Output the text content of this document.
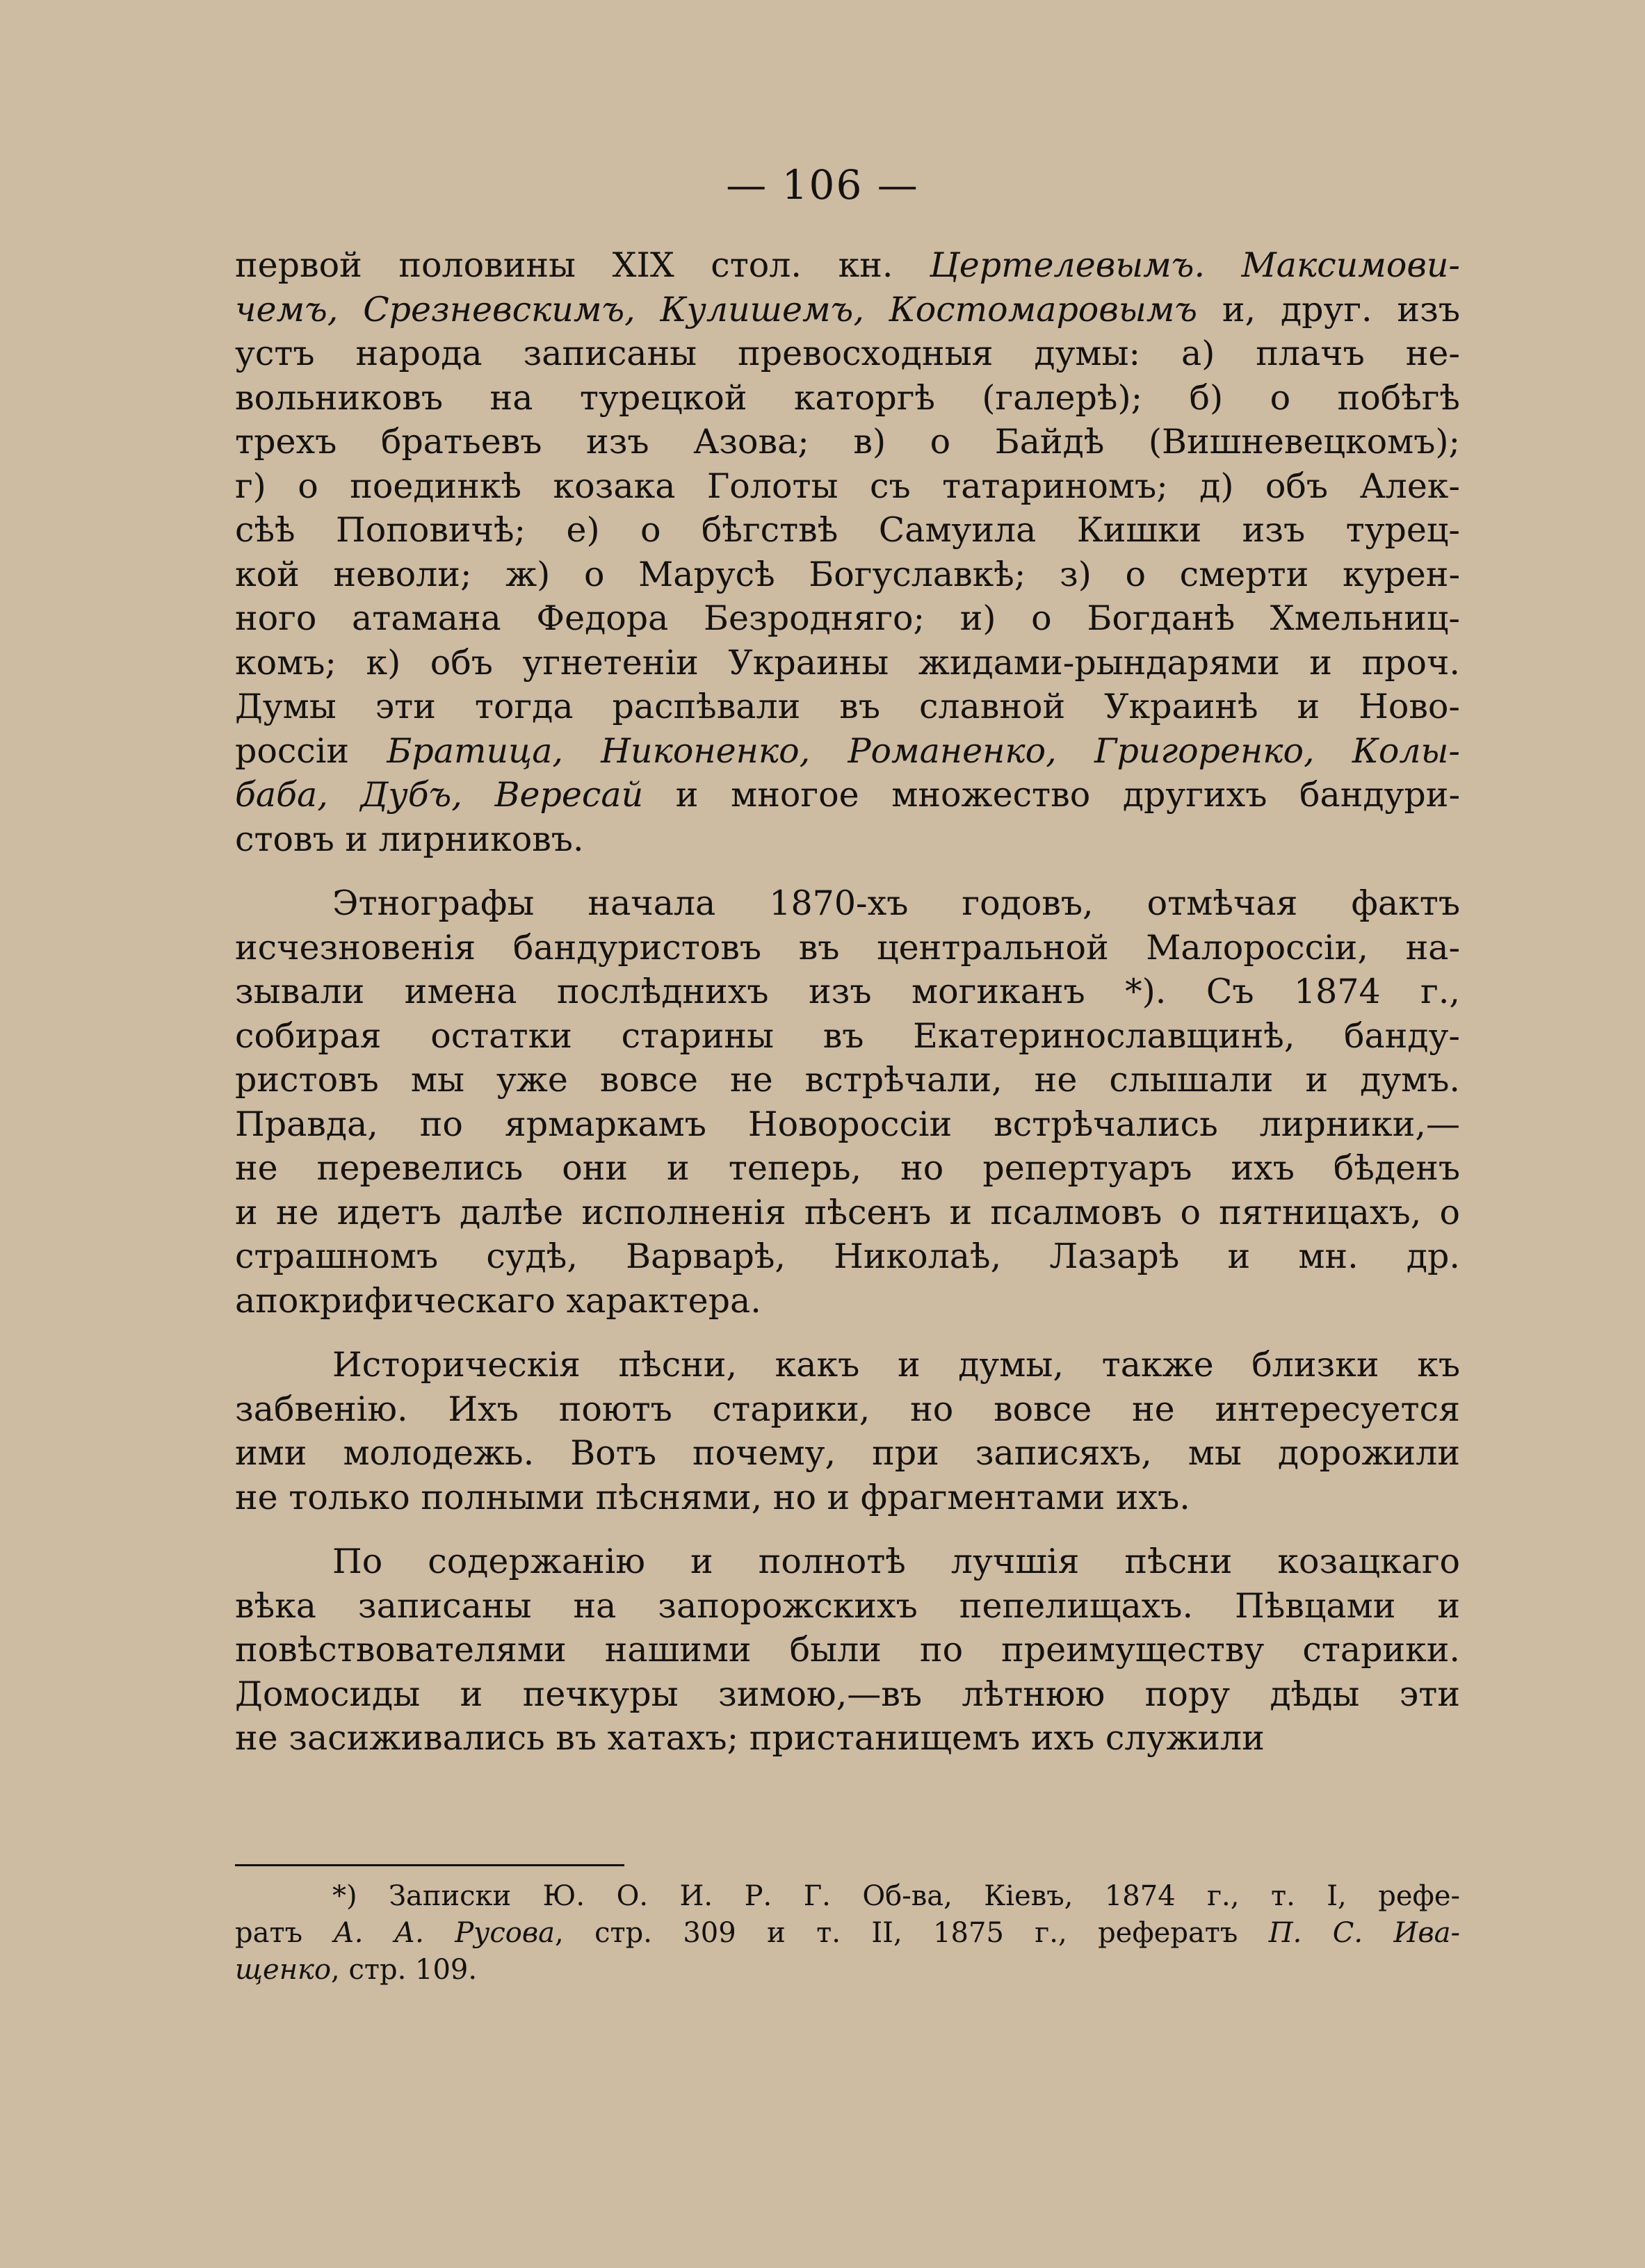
— 106 —
первой половины XIX стол. кн. Цертелевымъ. Максимови-
чемъ, Срезневскимъ, Кулишемъ, Костомаровымъ и, друг. изъ
устъ народа записаны превосходныя думы: а) плачъ не-
вольниковъ на турецкой каторгѣ (галерѣ); б) о побѣгѣ
трехъ братьевъ изъ Азова; в) о Байдѣ (Вишневецкомъ);
г) о поединкѣ козака Голоты съ татариномъ; д) объ Алек-
сѣѣ Поповичѣ; е) о бѣгствѣ Самуила Кишки изъ турец-
кой неволи; ж) о Марусѣ Богуславкѣ; з) о смерти курен-
ного атамана Федора Безродняго; и) о Богданѣ Хмельниц-
комъ; к) объ угнетеніи Украины жидами-рындарями и проч.
Думы эти тогда распѣвали въ славной Украинѣ и Ново-
россіи Братица, Никоненко, Романенко, Григоренко, Колы-
баба, Дубъ, Вересай и многое множество другихъ бандури-
стовъ и лирниковъ.
Этнографы начала 1870-хъ годовъ, отмѣчая фактъ
исчезновенія бандуристовъ въ центральной Малороссіи, на-
зывали имена послѣднихъ изъ могиканъ *). Съ 1874 г.,
собирая остатки старины въ Екатеринославщинѣ, банду-
ристовъ мы уже вовсе не встрѣчали, не слышали и думъ.
Правда, по ярмаркамъ Новороссіи встрѣчались лирники,—
не перевелись они и теперь, но репертуаръ ихъ бѣденъ
и не идетъ далѣе исполненія пѣсенъ и псалмовъ о пятницахъ, о
страшномъ судѣ, Варварѣ, Николаѣ, Лазарѣ и мн. др.
апокрифическаго характера.
Историческія пѣсни, какъ и думы, также близки къ
забвенію. Ихъ поютъ старики, но вовсе не интересуется
ими молодежь. Вотъ почему, при записяхъ, мы дорожили
не только полными пѣснями, но и фрагментами ихъ.
По содержанію и полнотѣ лучшія пѣсни козацкаго
вѣка записаны на запорожскихъ пепелищахъ. Пѣвцами и
повѣствователями нашими были по преимуществу старики.
Домосиды и печкуры зимою,—въ лѣтнюю пору дѣды эти
не засиживались въ хатахъ; пристанищемъ ихъ служили
*) Записки Ю. О. И. Р. Г. Об-ва, Кіевъ, 1874 г., т. I, рефе-
ратъ А. А. Русова, стр. 309 и т. II, 1875 г., рефератъ П. С. Ива-
щенко, стр. 109.
